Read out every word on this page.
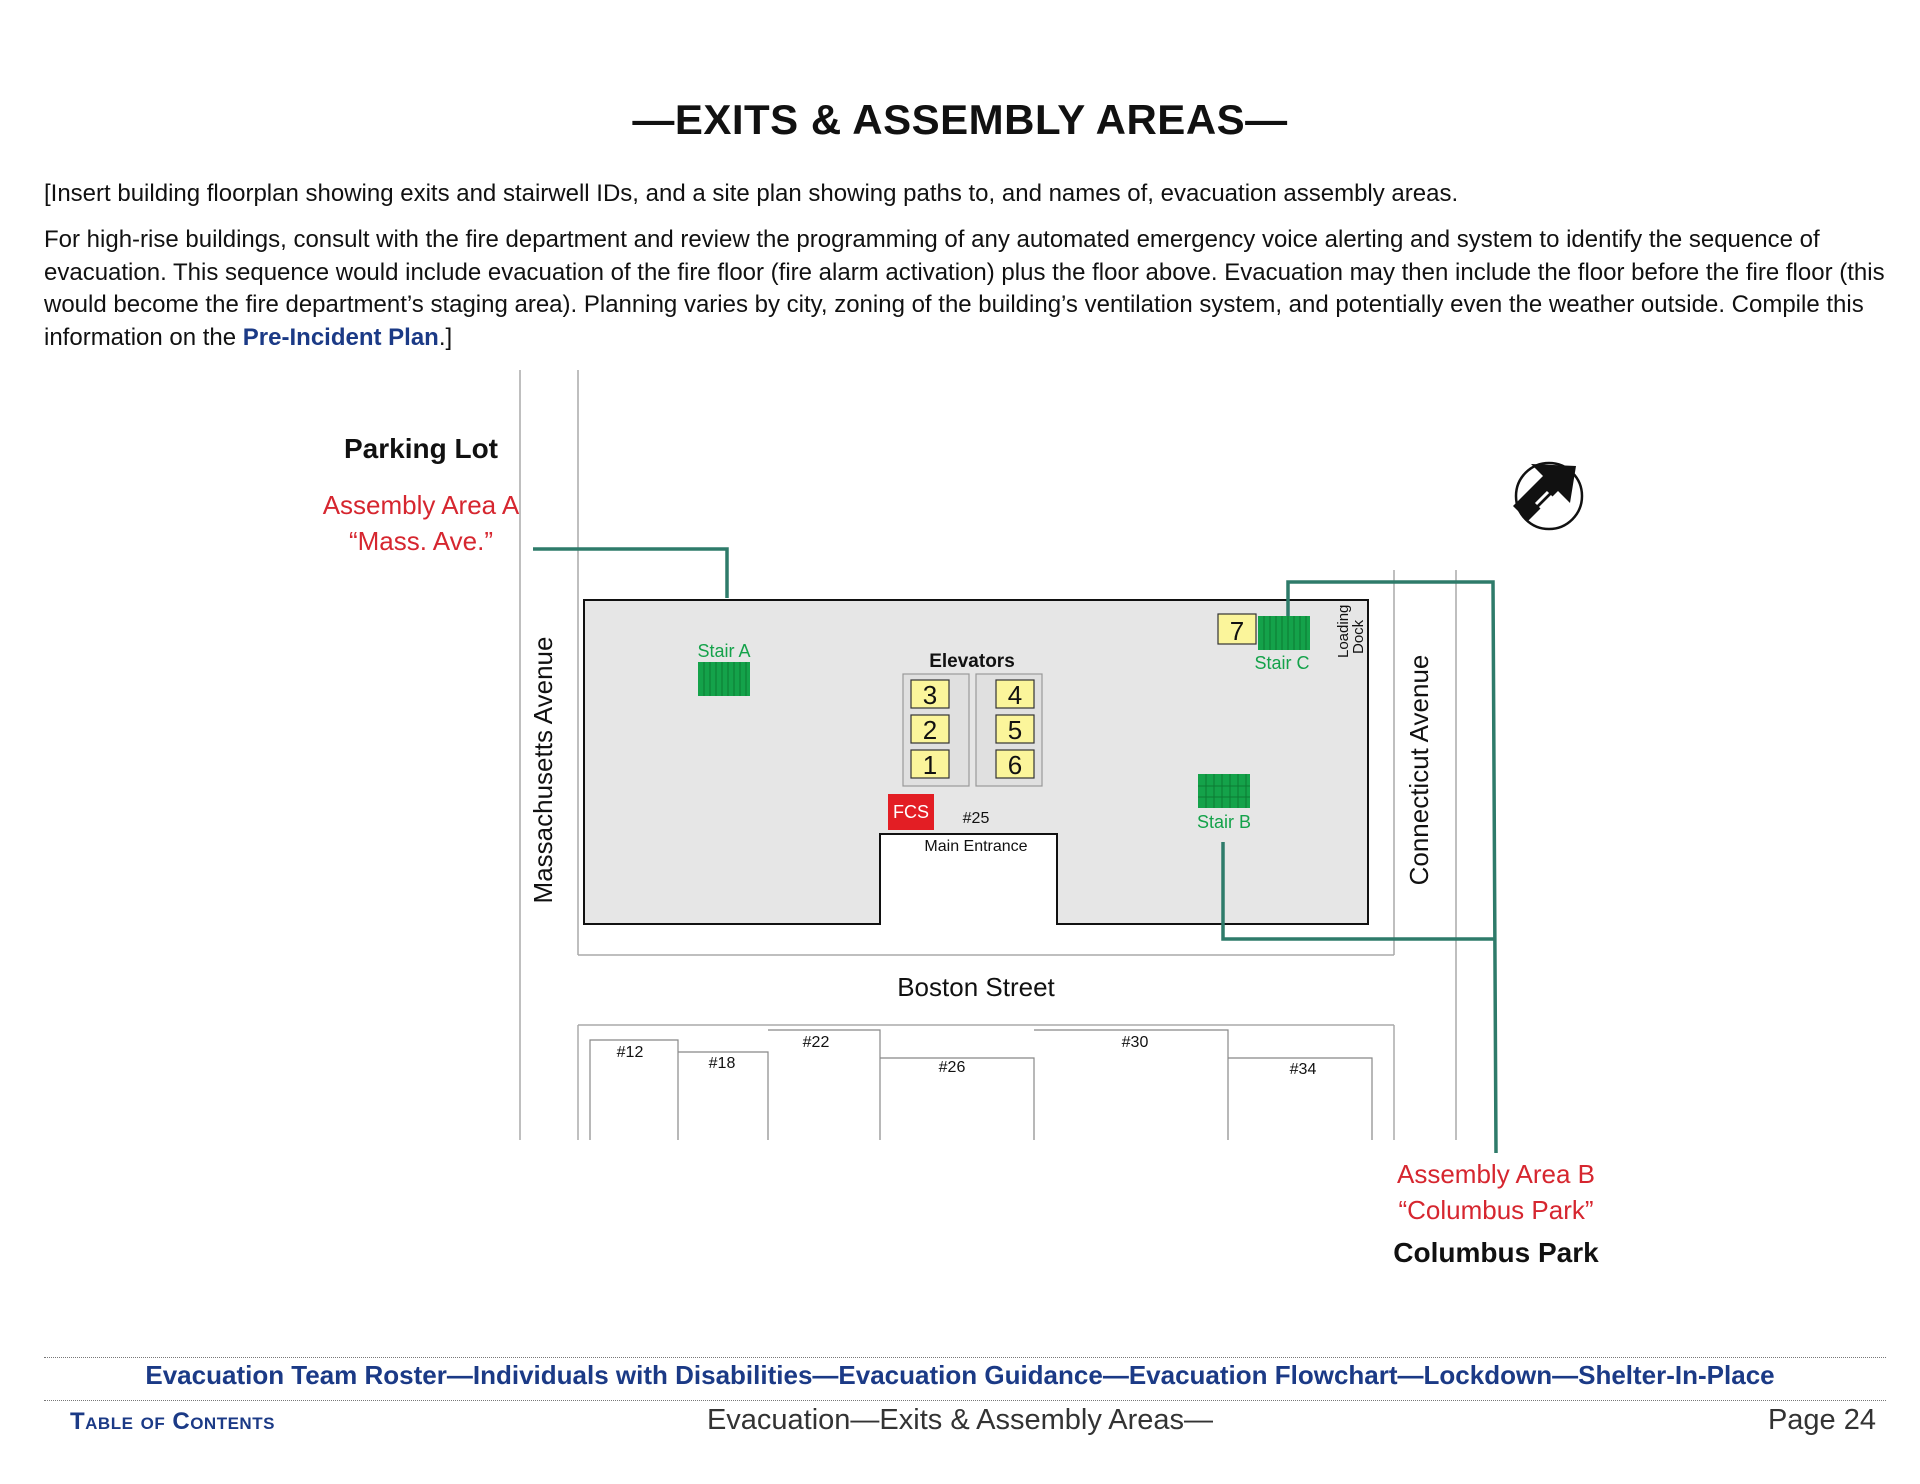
—EXITS & ASSEMBLY AREAS—

[Insert building floorplan showing exits and stairwell IDs, and a site plan showing paths to, and names of, evacuation assembly areas.

For high-rise buildings, consult with the fire department and review the programming of any automated emergency voice alerting and system to identify the sequence of evacuation. This sequence would include evacuation of the fire floor (fire alarm activation) plus the floor above. Evacuation may then include the floor before the fire floor (this would become the fire department’s staging area). Planning varies by city, zoning of the building’s ventilation system, and potentially even the weather outside. Compile this information on the Pre-Incident Plan.]

#12
#18
#22
#26
#30
#34
Stair A
Stair B
Stair C
7	Loading Dock
Elevators
3
2
1
4
5
6
FCS #25
Main Entrance
Massachusetts Avenue	Connecticut Avenue
Boston Street
Parking Lot
Assembly Area A
“Mass. Ave.”
Assembly Area B
“Columbus Park”
Columbus Park
Evacuation Team Roster—Individuals with Disabilities—Evacuation Guidance—Evacuation Flowchart—Lockdown—Shelter-In-Place
Table of Contents	Evacuation—Exits & Assembly Areas—	Page 24
